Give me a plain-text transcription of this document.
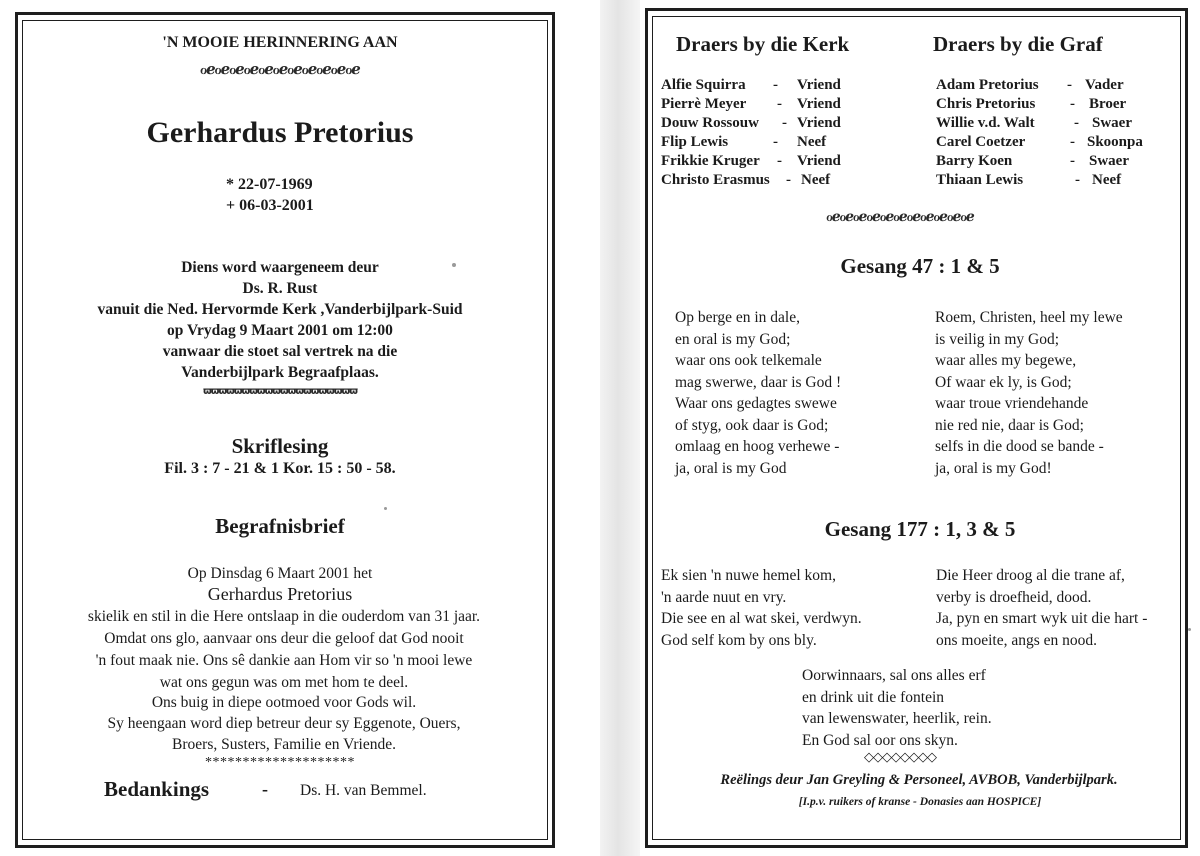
'N MOOIE HERINNERING AAN
ℴℯℴℯℴℯℴℯℴℯℴℯℴℯℴℯℴℯℴℯℴℯ
Gerhardus Pretorius
* 22-07-1969
+ 06-03-2001
Diens word waargeneem deur
Ds. R. Rust
vanuit die Ned. Hervormde Kerk ,Vanderbijlpark-Suid
op Vrydag 9 Maart 2001 om 12:00
vanwaar die stoet sal vertrek na die
Vanderbijlpark Begraafplaas.
ϖϖϖϖϖϖϖϖϖϖϖϖϖϖϖϖϖϖϖϖ
Skriflesing
Fil. 3 : 7 - 21 & 1 Kor. 15 : 50 - 58.
Begrafnisbrief
Op Dinsdag 6 Maart 2001 het
Gerhardus Pretorius
skielik en stil in die Here ontslaap in die ouderdom van 31 jaar.
Omdat ons glo, aanvaar ons deur die geloof dat God nooit
'n fout maak nie. Ons sê dankie aan Hom vir so 'n mooi lewe
wat ons gegun was om met hom te deel.
Ons buig in diepe ootmoed voor Gods wil.
Sy heengaan word diep betreur deur sy Eggenote, Ouers,
Broers, Susters, Familie en Vriende.
********************
Bedankings	- Ds. H. van Bemmel.
Draers by die Kerk	Draers by die Graf
Alfie Squirra - Vriend
Pierrè Meyer - Vriend
Douw Rossouw - Vriend
Flip Lewis	- Neef
Frikkie Kruger - Vriend
Christo Erasmus - Neef
Adam Pretorius - Vader
Chris Pretorius - Broer
Willie v.d. Walt	- Swaer
Carel Coetzer	- Skoonpa
Barry Koen	- Swaer
Thiaan Lewis	- Neef
ℴℯℴℯℴℯℴℯℴℯℴℯℴℯℴℯℴℯℴℯℴℯ
Gesang 47 : 1 & 5
Op berge en in dale,
en oral is my God;
waar ons ook telkemale
mag swerwe, daar is God !
Waar ons gedagtes swewe
of styg, ook daar is God;
omlaag en hoog verhewe -
ja, oral is my God
Roem, Christen, heel my lewe
is veilig in my God;
waar alles my begewe,
Of waar ek ly, is God;
waar troue vriendehande
nie red nie, daar is God;
selfs in die dood se bande -
ja, oral is my God!
Gesang 177 : 1, 3 & 5
Ek sien 'n nuwe hemel kom,
'n aarde nuut en vry.
Die see en al wat skei, verdwyn.
God self kom by ons bly.
Die Heer droog al die trane af,
verby is droefheid, dood.
Ja, pyn en smart wyk uit die hart -
ons moeite, angs en nood.
Oorwinnaars, sal ons alles erf
en drink uit die fontein
van lewenswater, heerlik, rein.
En God sal oor ons skyn.
◇◇◇◇◇◇◇◇
Reëlings deur Jan Greyling & Personeel, AVBOB, Vanderbijlpark.
[I.p.v. ruikers of kranse - Donasies aan HOSPICE]
